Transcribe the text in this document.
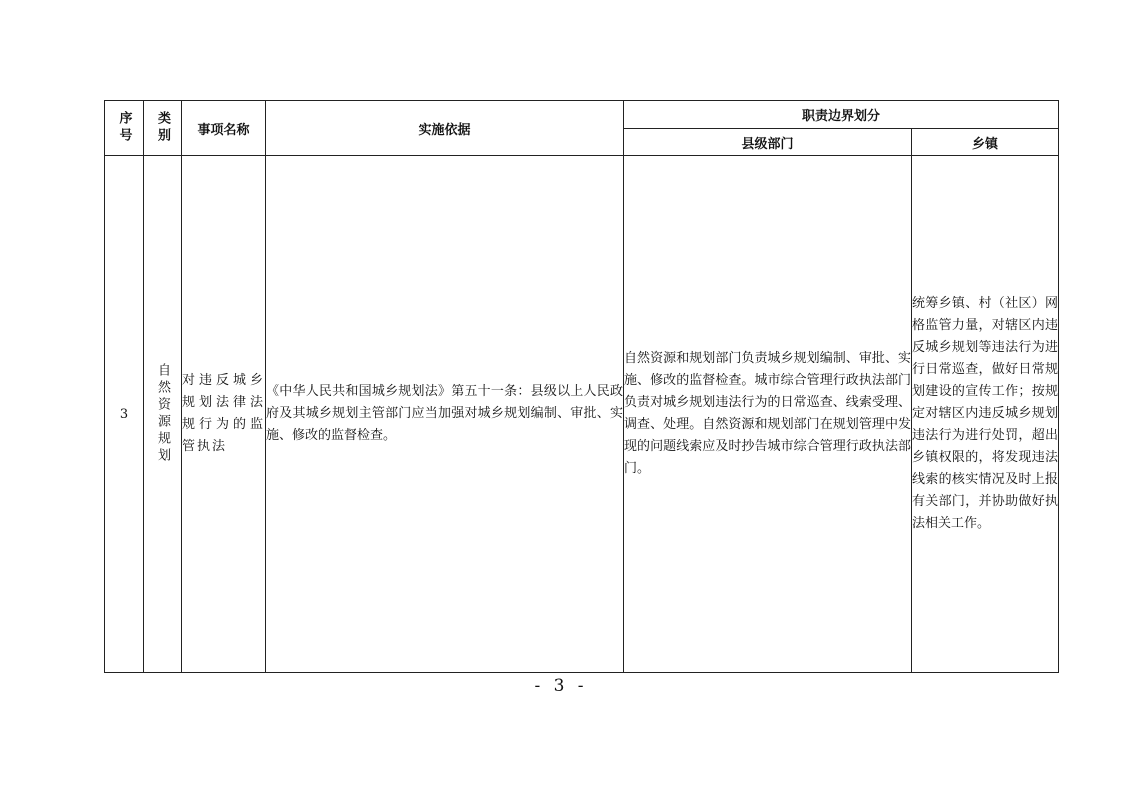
序号	类别	事项名称	实施依据	职责边界划分	
				县级部门	乡镇
3	自然资源规划	对违反城乡规划法律法规行为的监管执法	《中华人民共和国城乡规划法》第五十一条：县级以上人民政府及其城乡规划主管部门应当加强对城乡规划编制、审批、实施、修改的监督检查。	自然资源和规划部门负责城乡规划编制、审批、实施、修改的监督检查。城市综合管理行政执法部门负责对城乡规划违法行为的日常巡查、线索受理、调查、处理。自然资源和规划部门在规划管理中发现的问题线索应及时抄告城市综合管理行政执法部门。	统筹乡镇、村（社区）网格监管力量，对辖区内违反城乡规划等违法行为进行日常巡查，做好日常规划建设的宣传工作；按规定对辖区内违反城乡规划违法行为进行处罚，超出乡镇权限的，将发现违法线索的核实情况及时上报有关部门，并协助做好执法相关工作。
- 3 -
